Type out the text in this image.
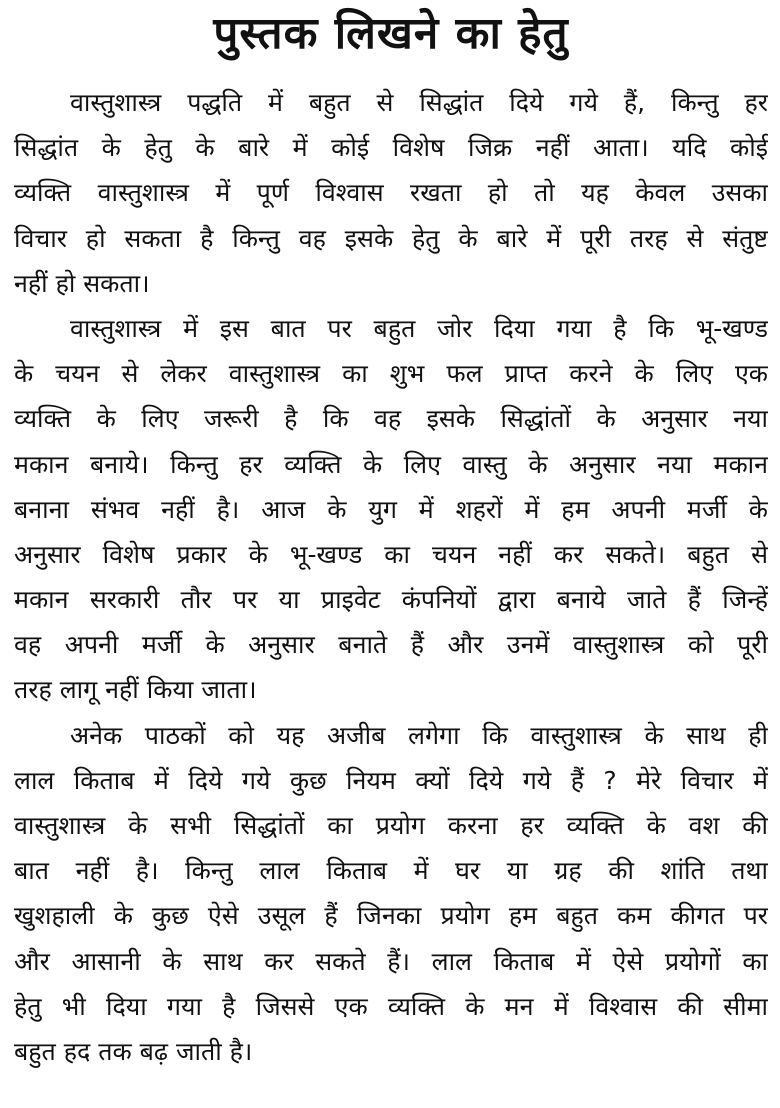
पुस्तक लिखने का हेतु
वास्तुशास्त्र पद्धति में बहुत से सिद्धांत दिये गये हैं, किन्तु हर
सिद्धांत के हेतु के बारे में कोई विशेष जिक्र नहीं आता। यदि कोई
व्यक्ति वास्तुशास्त्र में पूर्ण विश्वास रखता हो तो यह केवल उसका
विचार हो सकता है किन्तु वह इसके हेतु के बारे में पूरी तरह से संतुष्ट
नहीं हो सकता।
वास्तुशास्त्र में इस बात पर बहुत जोर दिया गया है कि भू-खण्ड
के चयन से लेकर वास्तुशास्त्र का शुभ फल प्राप्त करने के लिए एक
व्यक्ति के लिए जरूरी है कि वह इसके सिद्धांतों के अनुसार नया
मकान बनाये। किन्तु हर व्यक्ति के लिए वास्तु के अनुसार नया मकान
बनाना संभव नहीं है। आज के युग में शहरों में हम अपनी मर्जी के
अनुसार विशेष प्रकार के भू-खण्ड का चयन नहीं कर सकते। बहुत से
मकान सरकारी तौर पर या प्राइवेट कंपनियों द्वारा बनाये जाते हैं जिन्हें
वह अपनी मर्जी के अनुसार बनाते हैं और उनमें वास्तुशास्त्र को पूरी
तरह लागू नहीं किया जाता।
अनेक पाठकों को यह अजीब लगेगा कि वास्तुशास्त्र के साथ ही
लाल किताब में दिये गये कुछ नियम क्यों दिये गये हैं ? मेरे विचार में
वास्तुशास्त्र के सभी सिद्धांतों का प्रयोग करना हर व्यक्ति के वश की
बात नहीं है। किन्तु लाल किताब में घर या ग्रह की शांति तथा
खुशहाली के कुछ ऐसे उसूल हैं जिनका प्रयोग हम बहुत कम कीगत पर
और आसानी के साथ कर सकते हैं। लाल किताब में ऐसे प्रयोगों का
हेतु भी दिया गया है जिससे एक व्यक्ति के मन में विश्वास की सीमा
बहुत हद तक बढ़ जाती है।
